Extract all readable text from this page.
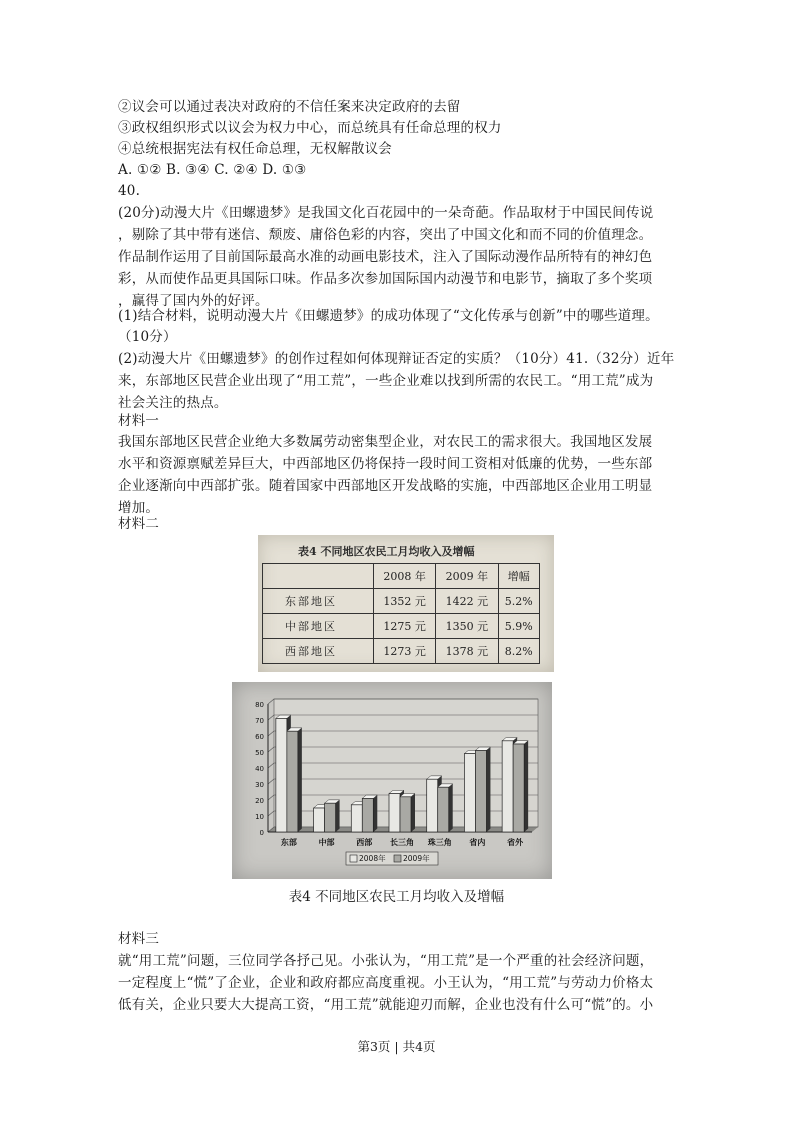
②议会可以通过表决对政府的不信任案来决定政府的去留
③政权组织形式以议会为权力中心，而总统具有任命总理的权力
④总统根据宪法有权任命总理，无权解散议会
A. ①② B. ③④ C. ②④ D. ①③
40.
(20分)动漫大片《田螺遗梦》是我国文化百花园中的一朵奇葩。作品取材于中国民间传说
，剔除了其中带有迷信、颓废、庸俗色彩的内容，突出了中国文化和而不同的价值理念。
作品制作运用了目前国际最高水准的动画电影技术，注入了国际动漫作品所特有的神幻色
彩，从而使作品更具国际口味。作品多次参加国际国内动漫节和电影节，摘取了多个奖项
，赢得了国内外的好评。
(1)结合材料，说明动漫大片《田螺遗梦》的成功体现了“文化传承与创新”中的哪些道理。
（10分）
(2)动漫大片《田螺遗梦》的创作过程如何体现辩证否定的实质？（10分）41.（32分）近年
来，东部地区民营企业出现了“用工荒”，一些企业难以找到所需的农民工。“用工荒”成为
社会关注的热点。
材料一
我国东部地区民营企业绝大多数属劳动密集型企业，对农民工的需求很大。我国地区发展
水平和资源禀赋差异巨大，中西部地区仍将保持一段时间工资相对低廉的优势，一些东部
企业逐渐向中西部扩张。随着国家中西部地区开发战略的实施，中西部地区企业用工明显
增加。
材料二
表4 不同地区农民工月均收入及增幅
	2008 年	2009 年	增幅
东部地区	1352 元	1422 元	5.2%
中部地区	1275 元	1350 元	5.9%
西部地区	1273 元	1378 元	8.2%
0
10
20
30
40
50
60
70
80
东部	中部	西部 长三角 珠三角 省内	省外
2008年 2009年
表4 不同地区农民工月均收入及增幅
材料三
就“用工荒”问题，三位同学各抒己见。小张认为，“用工荒”是一个严重的社会经济问题，
一定程度上“慌”了企业，企业和政府都应高度重视。小王认为，“用工荒”与劳动力价格太
低有关，企业只要大大提高工资，“用工荒”就能迎刃而解，企业也没有什么可“慌”的。小
第3页 | 共4页
